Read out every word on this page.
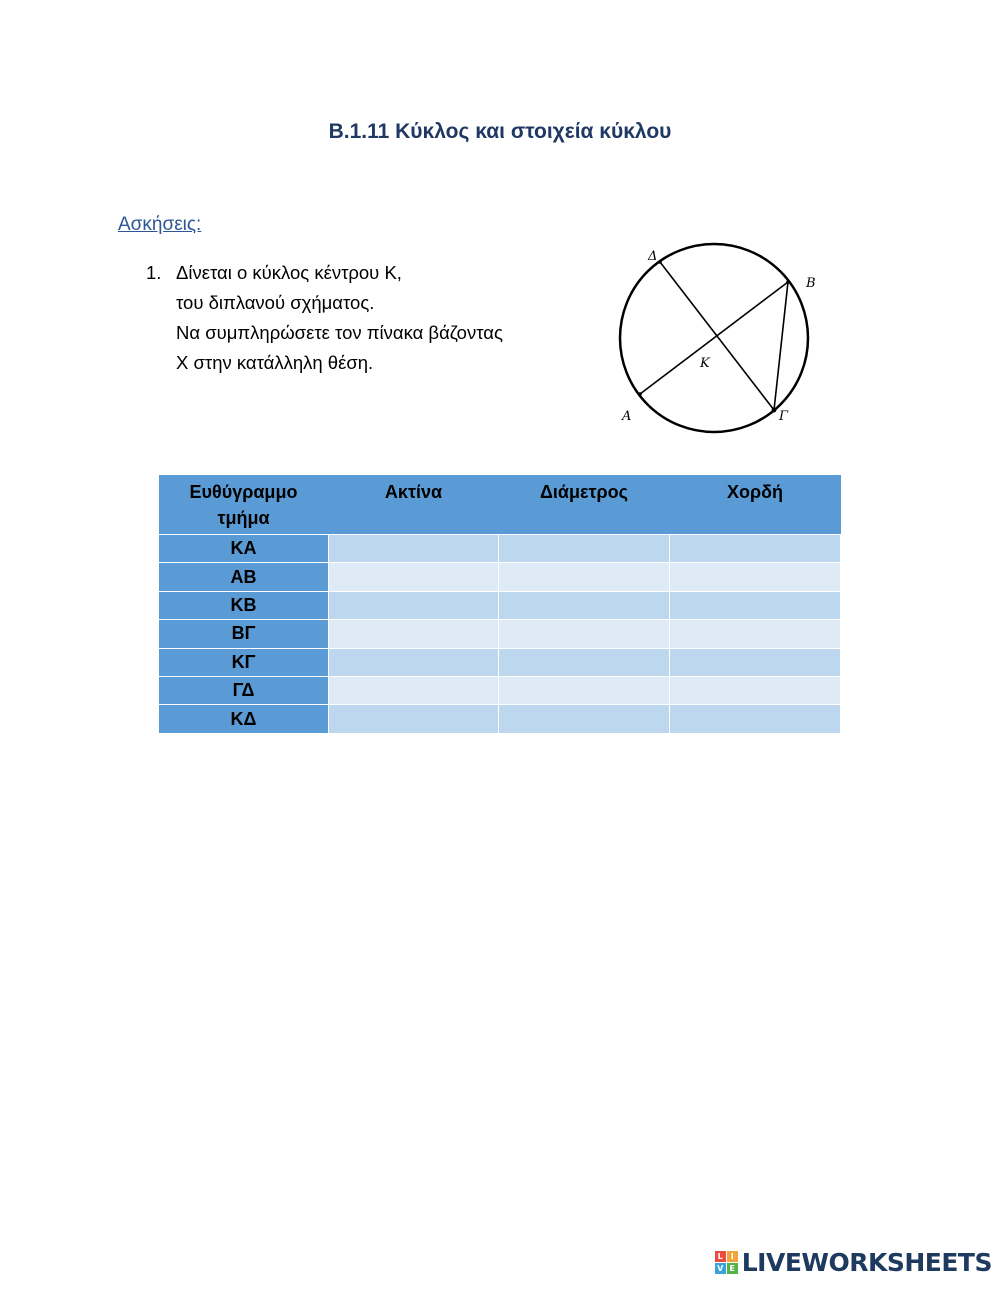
Β.1.11 Κύκλος και στοιχεία κύκλου
Ασκήσεις:
1. Δίνεται ο κύκλος κέντρου Κ,
του διπλανού σχήματος.
Να συμπληρώσετε τον πίνακα βάζοντας
Χ στην κατάλληλη θέση.
Δ
B
K
A	Γ
Ευθύγραμμο τμήμα	Ακτίνα	Διάμετρος	Χορδή
ΚΑ			
ΑΒ			
ΚΒ			
ΒΓ			
ΚΓ			
ΓΔ			
ΚΔ			
L I
V E LIVEWORKSHEETS
